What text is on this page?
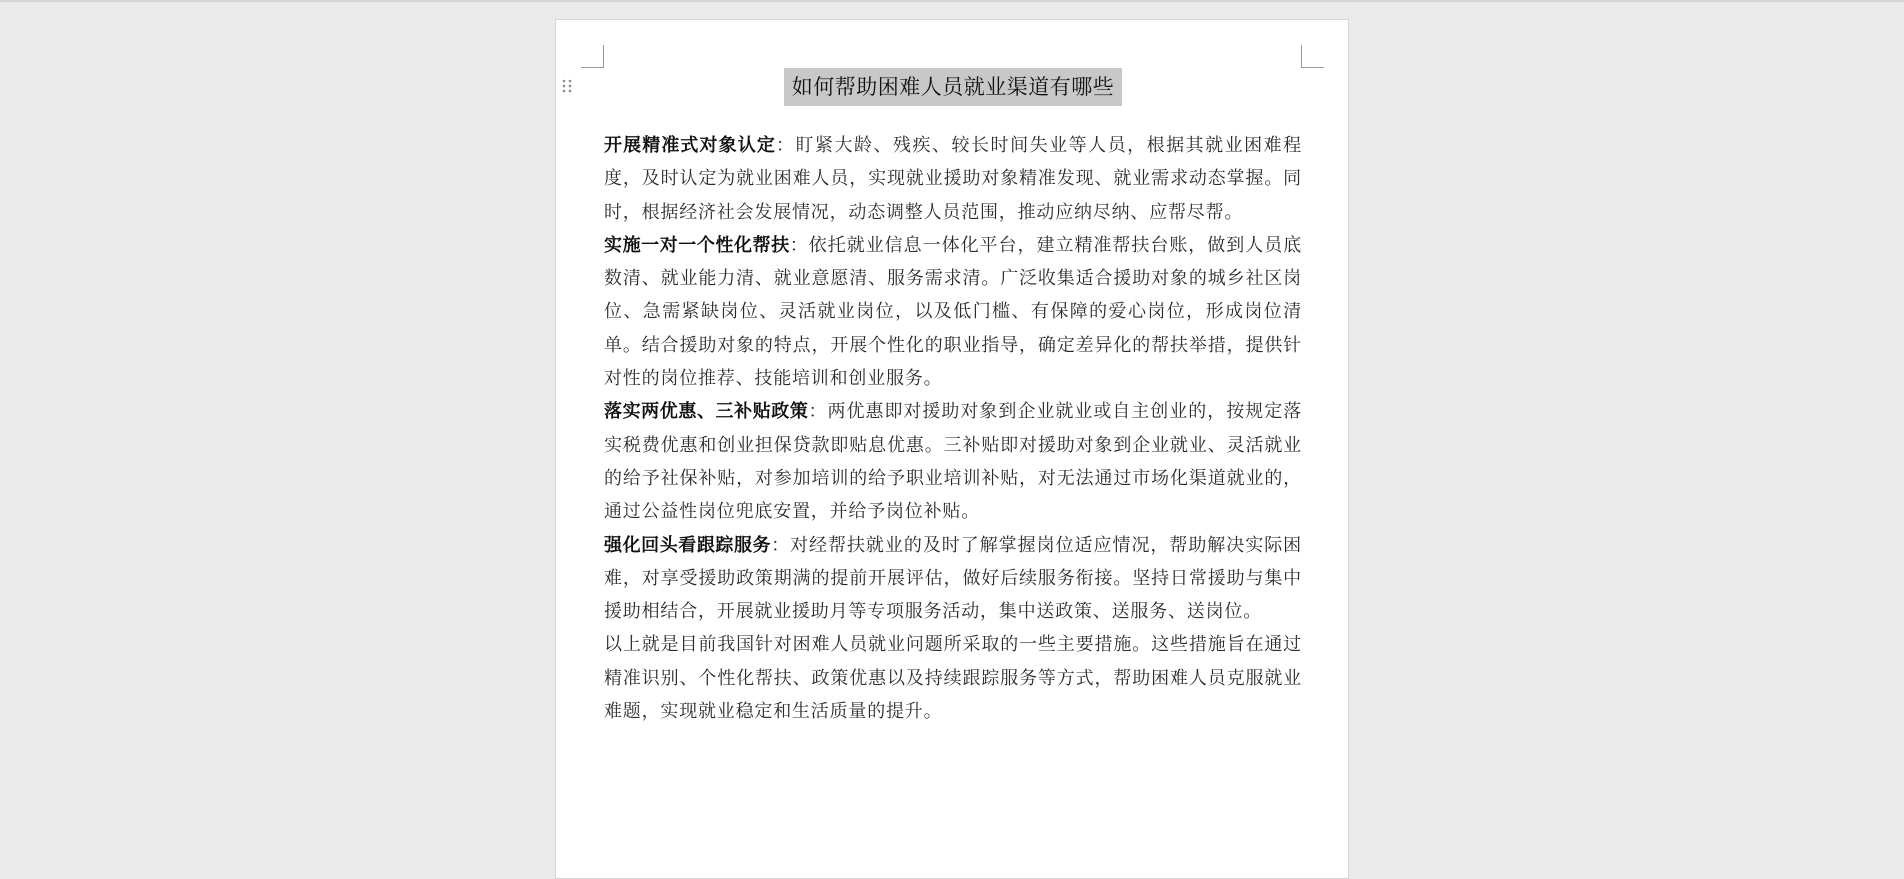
如何帮助困难人员就业渠道有哪些

开展精准式对象认定：盯紧大龄、残疾、较长时间失业等人员，根据其就业困难程度，及时认定为就业困难人员，实现就业援助对象精准发现、就业需求动态掌握。同时，根据经济社会发展情况，动态调整人员范围，推动应纳尽纳、应帮尽帮。

实施一对一个性化帮扶：依托就业信息一体化平台，建立精准帮扶台账，做到人员底数清、就业能力清、就业意愿清、服务需求清。广泛收集适合援助对象的城乡社区岗位、急需紧缺岗位、灵活就业岗位，以及低门槛、有保障的爱心岗位，形成岗位清单。结合援助对象的特点，开展个性化的职业指导，确定差异化的帮扶举措，提供针对性的岗位推荐、技能培训和创业服务。

落实两优惠、三补贴政策：两优惠即对援助对象到企业就业或自主创业的，按规定落实税费优惠和创业担保贷款即贴息优惠。三补贴即对援助对象到企业就业、灵活就业的给予社保补贴，对参加培训的给予职业培训补贴，对无法通过市场化渠道就业的，通过公益性岗位兜底安置，并给予岗位补贴。

强化回头看跟踪服务：对经帮扶就业的及时了解掌握岗位适应情况，帮助解决实际困难，对享受援助政策期满的提前开展评估，做好后续服务衔接。坚持日常援助与集中援助相结合，开展就业援助月等专项服务活动，集中送政策、送服务、送岗位。

以上就是目前我国针对困难人员就业问题所采取的一些主要措施。这些措施旨在通过精准识别、个性化帮扶、政策优惠以及持续跟踪服务等方式，帮助困难人员克服就业难题，实现就业稳定和生活质量的提升。
